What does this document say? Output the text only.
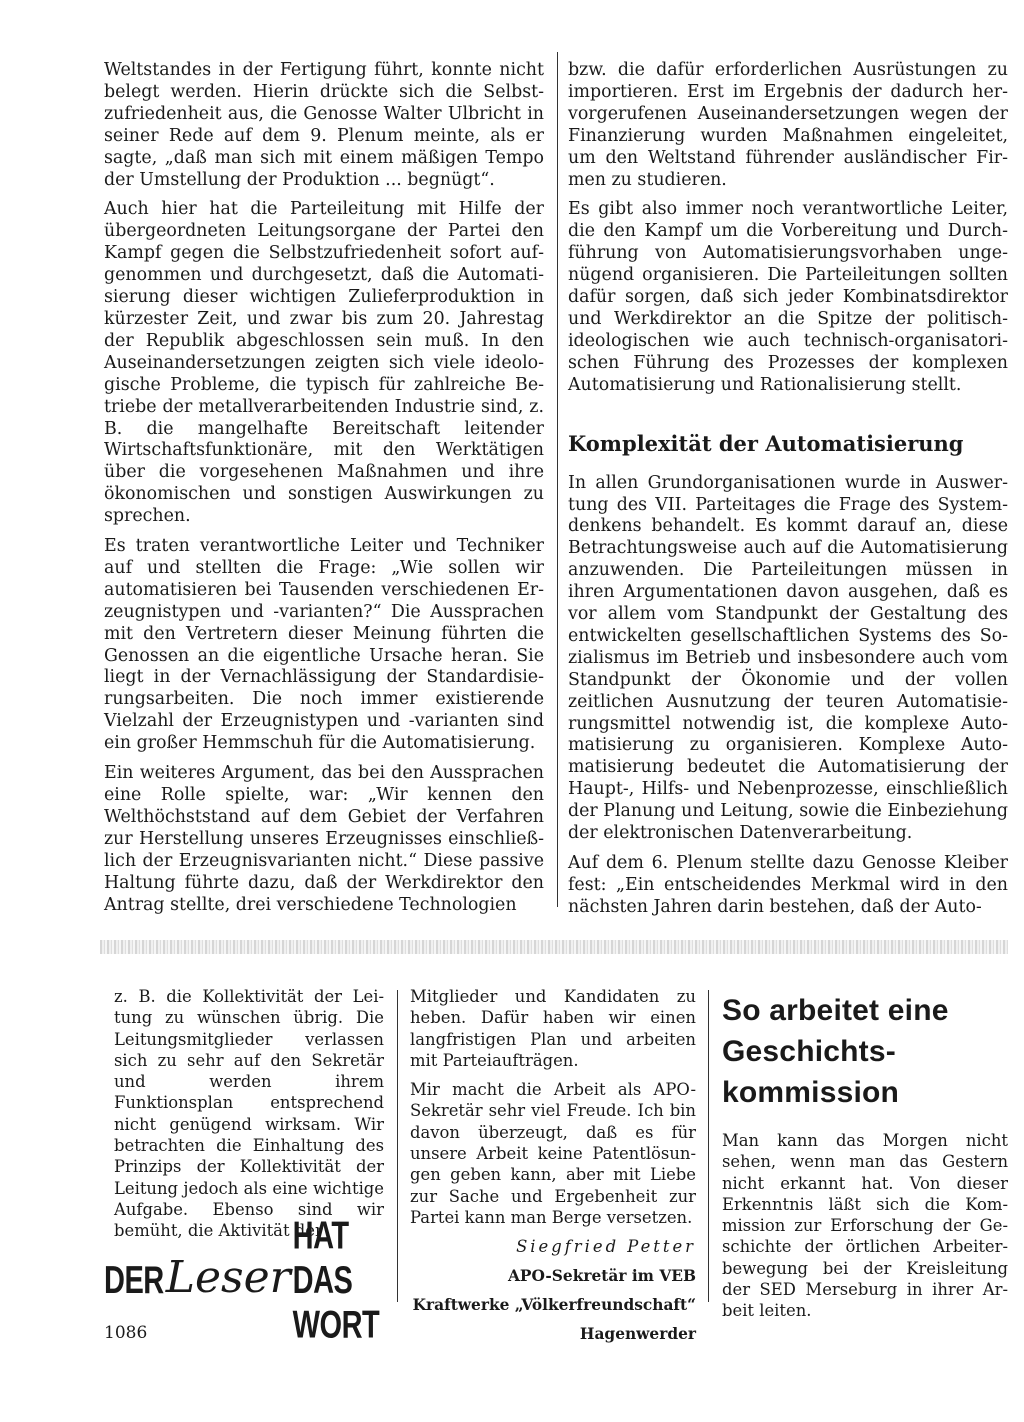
Weltstandes in der Fertigung führt, konnte nicht belegt werden. Hierin drückte sich die Selbstzufriedenheit aus, die Genosse Walter Ulbricht in seiner Rede auf dem 9. Plenum meinte, als er sagte, „daß man sich mit einem mäßigen Tempo der Umstellung der Produktion ... begnügt“.

Auch hier hat die Parteileitung mit Hilfe der übergeordneten Leitungsorgane der Partei den Kampf gegen die Selbstzufriedenheit sofort aufgenommen und durchgesetzt, daß die Automatisierung dieser wichtigen Zulieferproduktion in kürzester Zeit, und zwar bis zum 20. Jahrestag der Republik abgeschlossen sein muß. In den Auseinandersetzungen zeigten sich viele ideologische Probleme, die typisch für zahlreiche Betriebe der metallverarbeitenden Industrie sind, z. B. die mangelhafte Bereitschaft leitender Wirtschaftsfunktionäre, mit den Werktätigen über die vorgesehenen Maßnahmen und ihre ökonomischen und sonstigen Auswirkungen zu sprechen.

Es traten verantwortliche Leiter und Techniker auf und stellten die Frage: „Wie sollen wir automatisieren bei Tausenden verschiedenen Erzeugnistypen und -varianten?“ Die Aussprachen mit den Vertretern dieser Meinung führten die Genossen an die eigentliche Ursache heran. Sie liegt in der Vernachlässigung der Standardisierungsarbeiten. Die noch immer existierende Vielzahl der Erzeugnistypen und -varianten sind ein großer Hemmschuh für die Automatisierung.

Ein weiteres Argument, das bei den Aussprachen eine Rolle spielte, war: „Wir kennen den Welthöchststand auf dem Gebiet der Verfahren zur Herstellung unseres Erzeugnisses einschließlich der Erzeugnisvarianten nicht.“ Diese passive Haltung führte dazu, daß der Werkdirektor den Antrag stellte, drei verschiedene Technologien

bzw. die dafür erforderlichen Ausrüstungen zu importieren. Erst im Ergebnis der dadurch hervorgerufenen Auseinandersetzungen wegen der Finanzierung wurden Maßnahmen eingeleitet, um den Weltstand führender ausländischer Firmen zu studieren.

Es gibt also immer noch verantwortliche Leiter, die den Kampf um die Vorbereitung und Durchführung von Automatisierungsvorhaben ungenügend organisieren. Die Parteileitungen sollten dafür sorgen, daß sich jeder Kombinatsdirektor und Werkdirektor an die Spitze der politisch-ideologischen wie auch technisch-organisatorischen Führung des Prozesses der komplexen Automatisierung und Rationalisierung stellt.

Komplexität der Automatisierung

In allen Grundorganisationen wurde in Auswertung des VII. Parteitages die Frage des Systemdenkens behandelt. Es kommt darauf an, diese Betrachtungsweise auch auf die Automatisierung anzuwenden. Die Parteileitungen müssen in ihren Argumentationen davon ausgehen, daß es vor allem vom Standpunkt der Gestaltung des entwickelten gesellschaftlichen Systems des Sozialismus im Betrieb und insbesondere auch vom Standpunkt der Ökonomie und der vollen zeitlichen Ausnutzung der teuren Automatisierungsmittel notwendig ist, die komplexe Automatisierung zu organisieren. Komplexe Automatisierung bedeutet die Automatisierung der Haupt-, Hilfs- und Nebenprozesse, einschließlich der Planung und Leitung, sowie die Einbeziehung der elektronischen Datenverarbeitung.

Auf dem 6. Plenum stellte dazu Genosse Kleiber fest: „Ein entscheidendes Merkmal wird in den nächsten Jahren darin bestehen, daß der Auto-

z. B. die Kollektivität der Leitung zu wünschen übrig. Die Leitungsmitglieder verlassen sich zu sehr auf den Sekretär und werden ihrem Funktionsplan entsprechend nicht genügend wirksam. Wir betrachten die Einhaltung des Prinzips der Kollektivität der Leitung jedoch als eine wichtige Aufgabe. Ebenso sind wir bemüht, die Aktivität der

Mitglieder und Kandidaten zu heben. Dafür haben wir einen langfristigen Plan und arbeiten mit Parteiaufträgen.

Mir macht die Arbeit als APO-Sekretär sehr viel Freude. Ich bin davon überzeugt, daß es für unsere Arbeit keine Patentlösungen geben kann, aber mit Liebe zur Sache und Ergebenheit zur Partei kann man Berge versetzen.

Siegfried Petter

APO-Sekretär im VEB

Kraftwerke „Völkerfreundschaft“

Hagenwerder

So arbeitet eine Geschichtskommission

Man kann das Morgen nicht sehen, wenn man das Gestern nicht erkannt hat. Von dieser Erkenntnis läßt sich die Kommission zur Erforschung der Geschichte der örtlichen Arbeiterbewegung bei der Kreisleitung der SED Merseburg in ihrer Arbeit leiten.

DER Leser
HAT DAS WORT
1086
